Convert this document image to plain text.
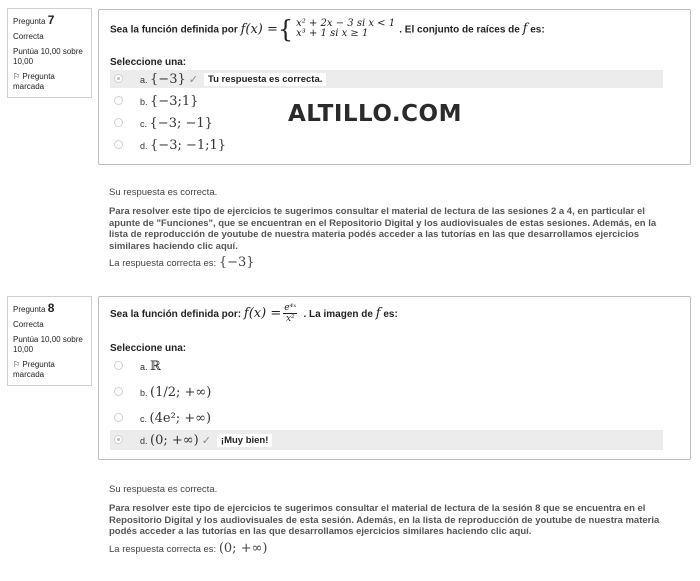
Pregunta 7
Correcta
Puntúa 10,00 sobre 10,00
⚐ Pregunta marcada
Sea la función definida por f(x) ={ x² + 2x − 3 si x < 1
x³ + 1 si x ≥ 1	. El conjunto de raíces de f es:
Seleccione una:
a. {−3} ✓ Tu respuesta es correcta.
b. {−3;1}
c. {−3; −1}
d. {−3; −1;1}
ALTILLO.COM
Su respuesta es correcta.
Para resolver este tipo de ejercicios te sugerimos consultar el material de lectura de las sesiones 2 a 4, en particular el apunte de "Funciones", que se encuentran en el Repositorio Digital y los audiovisuales de estas sesiones. Además, en la lista de reproducción de youtube de nuestra materia podés acceder a las tutorías en las que desarrollamos ejercicios similares haciendo clic aquí.
La respuesta correcta es: {−3}
Pregunta 8
Correcta
Puntúa 10,00 sobre 10,00
⚐ Pregunta marcada
Sea la función definida por: $f(x) = \frac{\text{e⁴ˣ}}{\text{x²}}$ . La imagen de f es:
Seleccione una:
a. ℝ
b. (1/2; +∞)
c. (4e²; +∞)
d. (0; +∞) ✓ ¡Muy bien!
Su respuesta es correcta.
Para resolver este tipo de ejercicios te sugerimos consultar el material de lectura de la sesión 8 que se encuentra en el Repositorio Digital y los audiovisuales de esta sesión. Además, en la lista de reproducción de youtube de nuestra materia podés acceder a las tutorías en las que desarrollamos ejercicios similares haciendo clic aquí.
La respuesta correcta es: (0; +∞)
